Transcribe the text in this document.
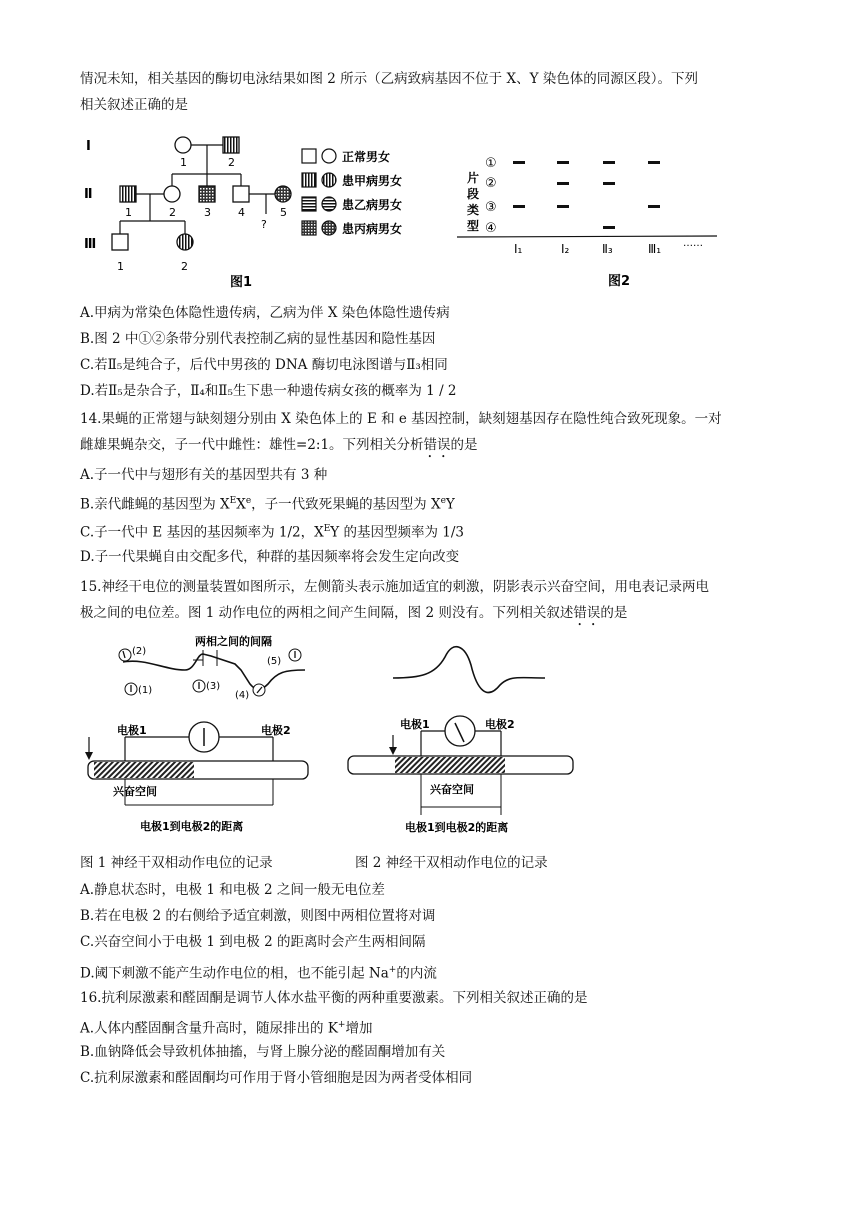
情况未知，相关基因的酶切电泳结果如图 2 所示（乙病致病基因不位于 X、Y 染色体的同源区段）。下列
相关叙述正确的是
Ⅰ
Ⅱ
Ⅲ
1	2
1	2	3 4	5
?
1	2
正常男女
患甲病男女
患乙病男女
患丙病男女
图1
片
段
类
型
①
②
③
④
Ⅰ₁	Ⅰ₂	Ⅱ₃	Ⅲ₁ ……
图2
A.甲病为常染色体隐性遗传病，乙病为伴 X 染色体隐性遗传病
B.图 2 中①②条带分别代表控制乙病的显性基因和隐性基因
C.若Ⅱ₅是纯合子，后代中男孩的 DNA 酶切电泳图谱与Ⅱ₃相同
D.若Ⅱ₅是杂合子，Ⅱ₄和Ⅱ₅生下患一种遗传病女孩的概率为 1 / 2
14.果蝇的正常翅与缺刻翅分别由 X 染色体上的 E 和 e 基因控制，缺刻翅基因存在隐性纯合致死现象。一对
雌雄果蝇杂交，子一代中雌性：雄性=2:1。下列相关分析错误的是
A.子一代中与翅形有关的基因型共有 3 种
B.亲代雌蝇的基因型为 $X^EXe$，子一代致死果蝇的基因型为 XeY
C.子一代中 E 基因的基因频率为 1/2，$X^EY$ 的基因型频率为 1/3
D.子一代果蝇自由交配多代，种群的基因频率将会发生定向改变
15.神经干电位的测量装置如图所示，左侧箭头表示施加适宜的刺激，阴影表示兴奋空间，用电表记录两电
极之间的电位差。图 1 动作电位的两相之间产生间隔，图 2 则没有。下列相关叙述错误的是
两相之间的间隔
(1)
(2)
(3)
(4)
(5)
电极1	电极2
兴奋空间
电极1到电极2的距离
电极1	电极2
兴奋空间
电极1到电极2的距离
图 1 神经干双相动作电位的记录	图 2 神经干双相动作电位的记录
A.静息状态时，电极 1 和电极 2 之间一般无电位差
B.若在电极 2 的右侧给予适宜刺激，则图中两相位置将对调
C.兴奋空间小于电极 1 到电极 2 的距离时会产生两相间隔
D.阈下刺激不能产生动作电位的相，也不能引起 Na+的内流
16.抗利尿激素和醛固酮是调节人体水盐平衡的两种重要激素。下列相关叙述正确的是
A.人体内醛固酮含量升高时，随尿排出的 K+增加
B.血钠降低会导致机体抽搐，与肾上腺分泌的醛固酮增加有关
C.抗利尿激素和醛固酮均可作用于肾小管细胞是因为两者受体相同
